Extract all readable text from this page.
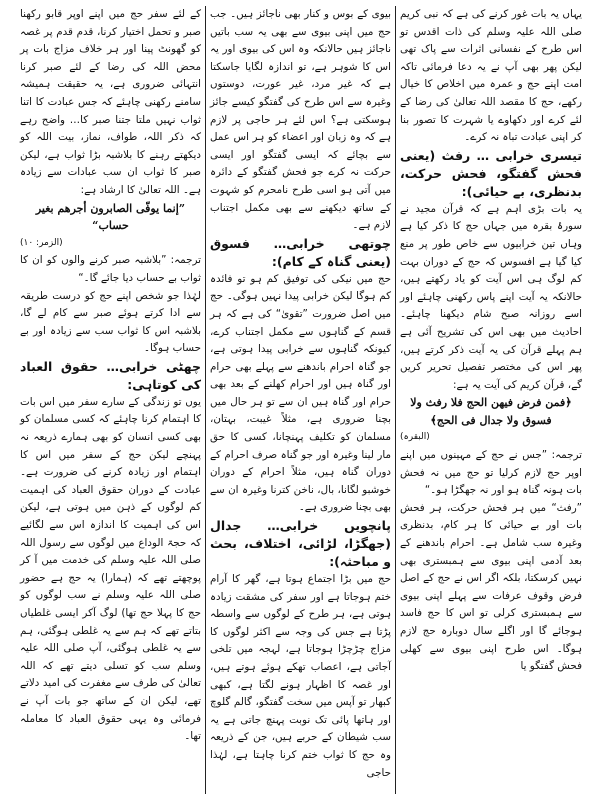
یہاں یہ بات غور کرنے کی ہے کہ نبی کریم صلی اللہ علیہ وسلم کی ذات اقدس تو اس طرح کے نفسانی اثرات سے پاک تھی لیکن پھر بھی آپ نے یہ دعا فرمائی تاکہ امت اپنے حج و عمرہ میں اخلاص کا خیال رکھے، حج کا مقصد اللہ تعالیٰ کی رضا کے لئے کرے اور دکھاوے یا شہرت کا تصور بنا کر اپنی عبادت تباہ نہ کرے۔

تیسری خرابی … رفث (یعنی فحش گفتگو، فحش حرکت، بدنظری، بے حیائی):

یہ بات بڑی اہم ہے کہ قرآن مجید نے سورۂ بقرہ میں جہاں حج کا ذکر کیا ہے وہاں تین خرابیوں سے خاص طور پر منع کیا گیا ہے افسوس کہ حج کے دوران بہت کم لوگ ہی اس آیت کو یاد رکھتے ہیں، حالانکہ یہ آیت اپنے پاس رکھنی چاہئے اور اسے روزانہ صبح شام دیکھنا چاہئے۔ احادیث میں بھی اس کی تشریح آئی ہے ہم پہلے قرآن کی یہ آیت ذکر کرتے ہیں، پھر اس کی مختصر تفصیل تحریر کریں گے، قرآن کریم کی آیت یہ ہے:

﴿فمن فرض فیھن الحج فلا رفث ولا فسوق ولا جدال فی الحج﴾

(البقرہ)

ترجمہ: ”جس نے حج کے مہینوں میں اپنے اوپر حج لازم کرلیا تو حج میں نہ فحش بات ہونہ گناہ ہو اور نہ جھگڑا ہو۔“

”رفث“ میں ہر فحش حرکت، ہر فحش بات اور بے حیائی کا ہر کام، بدنظری وغیرہ سب شامل ہے۔ احرام باندھنے کے بعد آدمی اپنی بیوی سے ہمبستری بھی نہیں کرسکتا، بلکہ اگر اس نے حج کے اصل فرض وقوف عرفات سے پہلے اپنی بیوی سے ہمبستری کرلی تو اس کا حج فاسد ہوجائے گا اور اگلے سال دوبارہ حج لازم ہوگا۔ اس طرح اپنی بیوی سے کھلی فحش گفتگو یا

بیوی کے بوس و کنار بھی ناجائز ہیں۔ جب حج میں اپنی بیوی سے بھی یہ سب باتیں ناجائز ہیں حالانکہ وہ اس کی بیوی اور یہ اس کا شوہر ہے، تو اندازہ لگایا جاسکتا ہے کہ غیر مرد، غیر عورت، دوستوں وغیرہ سے اس طرح کی گفتگو کیسے جائز ہوسکتی ہے؟ اس لئے ہر حاجی پر لازم ہے کہ وہ زبان اور اعضاء کو ہر اس عمل سے بچائے کہ ایسی گفتگو اور ایسی حرکت نہ کرے جو فحش گفتگو کے دائرہ میں آتی ہو اسی طرح نامحرم کو شہوت کے ساتھ دیکھنے سے بھی مکمل اجتناب لازم ہے۔

چوتھی خرابی… فسوق (یعنی گناہ کے کام):

حج میں نیکی کی توفیق کم ہو تو فائدہ کم ہوگا لیکن خرابی پیدا نہیں ہوگی۔ حج میں اصل ضرورت ”تقویٰ“ کی ہے کہ ہر قسم کے گناہوں سے مکمل اجتناب کرے، کیونکہ گناہوں سے خرابی پیدا ہوتی ہے، جو گناہ احرام باندھنے سے پہلے بھی حرام اور گناہ ہیں اور احرام کھلنے کے بعد بھی حرام اور گناہ ہیں ان سے تو ہر حال میں بچنا ضروری ہے، مثلاً غیبت، بہتان، مسلمان کو تکلیف پہنچانا، کسی کا حق مار لینا وغیرہ اور جو گناہ صرف احرام کے دوران گناہ ہیں، مثلاً احرام کے دوران خوشبو لگانا، بال، ناخن کترنا وغیرہ ان سے بھی بچنا ضروری ہے۔

پانچویں خرابی… جدال (جھگڑا، لڑائی، اختلاف، بحث و مباحثہ):

حج میں بڑا اجتماع ہوتا ہے، گھر کا آرام ختم ہوجاتا ہے اور سفر کی مشقت زیادہ ہوتی ہے، ہر طرح کے لوگوں سے واسطہ پڑتا ہے جس کی وجہ سے اکثر لوگوں کا مزاج چڑچڑا ہوجاتا ہے، لہجہ میں تلخی آجاتی ہے، اعصاب تھکے ہوئے ہوتے ہیں، اور غصہ کا اظہار ہونے لگتا ہے، کبھی کبھار تو آپس میں سخت گفتگو، گالم گلوچ اور ہاتھا پائی تک نوبت پہنچ جاتی ہے یہ سب شیطان کے حربے ہیں، جن کے ذریعہ وہ حج کا ثواب ختم کرنا چاہتا ہے، لہٰذا حاجی

کے لئے سفر حج میں اپنے اوپر قابو رکھنا صبر و تحمل اختیار کرنا، قدم قدم پر غصہ کو گھونٹ پینا اور ہر خلاف مزاج بات پر محض اللہ کی رضا کے لئے صبر کرنا انتہائی ضروری ہے، یہ حقیقت ہمیشہ سامنے رکھنی چاہئے کہ جس عبادت کا اتنا ثواب نہیں ملتا جتنا صبر کا… واضح رہے کہ ذکر اللہ، طواف، نماز، بیت اللہ کو دیکھتے رہنے کا بلاشبہ بڑا ثواب ہے، لیکن صبر کا ثواب ان سب عبادات سے زیادہ ہے۔ اللہ تعالیٰ کا ارشاد ہے:

”إنما یوفّی الصابرون أجرھم بغیر حساب“

(الزمر: ١٠)

ترجمہ: ”بلاشبہ صبر کرنے والوں کو ان کا ثواب بے حساب دیا جائے گا۔“

لہٰذا جو شخص اپنے حج کو درست طریقہ سے ادا کرتے ہوئے صبر سے کام لے گا، بلاشبہ اس کا ثواب سب سے زیادہ اور بے حساب ہوگا۔

چھٹی خرابی… حقوق العباد کی کوتاہی:

یوں تو زندگی کے سارے سفر میں اس بات کا اہتمام کرنا چاہئے کہ کسی مسلمان کو بھی کسی انسان کو بھی ہمارے ذریعہ نہ پہنچے لیکن حج کے سفر میں اس کا اہتمام اور زیادہ کرنے کی ضرورت ہے۔ عبادت کے دوران حقوق العباد کی اہمیت کم لوگوں کے ذہن میں ہوتی ہے، لیکن اس کی اہمیت کا اندازہ اس سے لگائیے کہ حجۃ الوداع میں لوگوں سے رسول اللہ صلی اللہ علیہ وسلم کی خدمت میں آ کر پوچھتے تھے کہ (ہمارا) یہ حج ہے حضور صلی اللہ علیہ وسلم نے سب لوگوں کو حج کا پہلا حج تھا) لوگ آکر ایسی غلطیاں بتاتے تھے کہ ہم سے یہ غلطی ہوگئی، ہم سے یہ غلطی ہوگئی، آپ صلی اللہ علیہ وسلم سب کو تسلی دیتے تھے کہ اللہ تعالیٰ کی طرف سے مغفرت کی امید دلاتے تھے، لیکن ان کے ساتھ جو بات آپ نے فرمائی وہ یہی حقوق العباد کا معاملہ تھا۔
